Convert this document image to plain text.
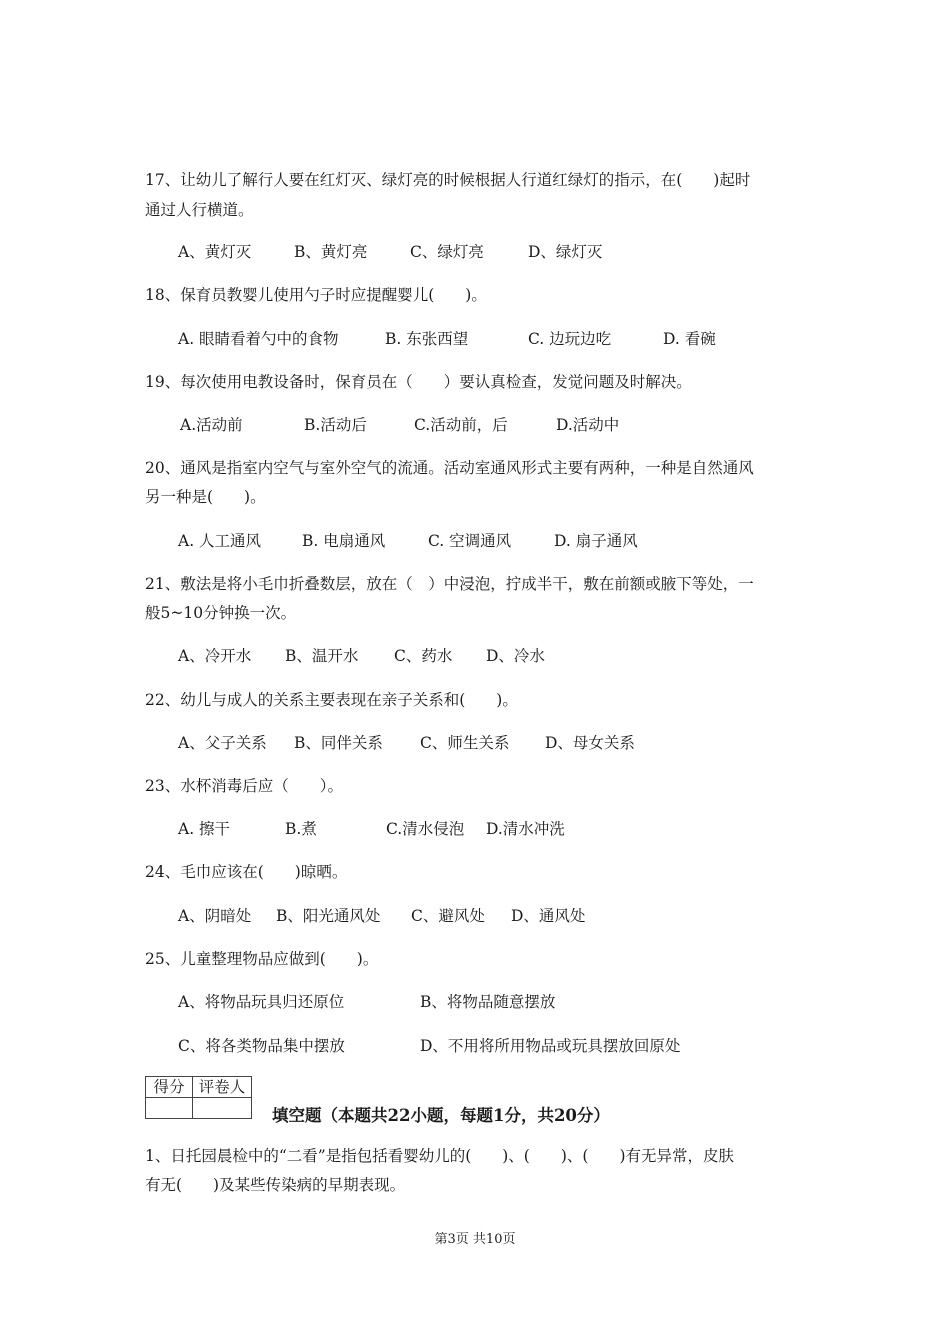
17、让幼儿了解行人要在红灯灭、绿灯亮的时候根据人行道红绿灯的指示，在(　　)起时
通过人行横道。
A、黄灯灭	B、黄灯亮	C、绿灯亮	D、绿灯灭
18、保育员教婴儿使用勺子时应提醒婴儿(　　)。
A. 眼睛看着勺中的食物	B. 东张西望	C. 边玩边吃	D. 看碗
19、每次使用电教设备时，保育员在（　　）要认真检查，发觉问题及时解决。
A.活动前	B.活动后	C.活动前，后	D.活动中
20、通风是指室内空气与室外空气的流通。活动室通风形式主要有两种，一种是自然通风
另一种是(　　)。
A. 人工通风	B. 电扇通风	C. 空调通风	D. 扇子通风
21、敷法是将小毛巾折叠数层，放在（　）中浸泡，拧成半干，敷在前额或腋下等处，一
般5~10分钟换一次。
A、冷开水 B、温开水 C、药水 D、冷水
22、幼儿与成人的关系主要表现在亲子关系和(　　)。
A、父子关系 B、同伴关系 C、师生关系 D、母女关系
23、水杯消毒后应（　　）。
A. 擦干	B.煮	C.清水侵泡 D.清水冲洗
24、毛巾应该在(　　)晾晒。
A、阴暗处 B、阳光通风处 C、避风处 D、通风处
25、儿童整理物品应做到(　　)。
A、将物品玩具归还原位	B、将物品随意摆放
C、将各类物品集中摆放	D、不用将所用物品或玩具摆放回原处
得分	评卷人

填空题（本题共22小题，每题1分，共20分）
1、日托园晨检中的“二看”是指包括看婴幼儿的(　　)、(　　)、(　　)有无异常，皮肤
有无(　　)及某些传染病的早期表现。
第3页 共10页
